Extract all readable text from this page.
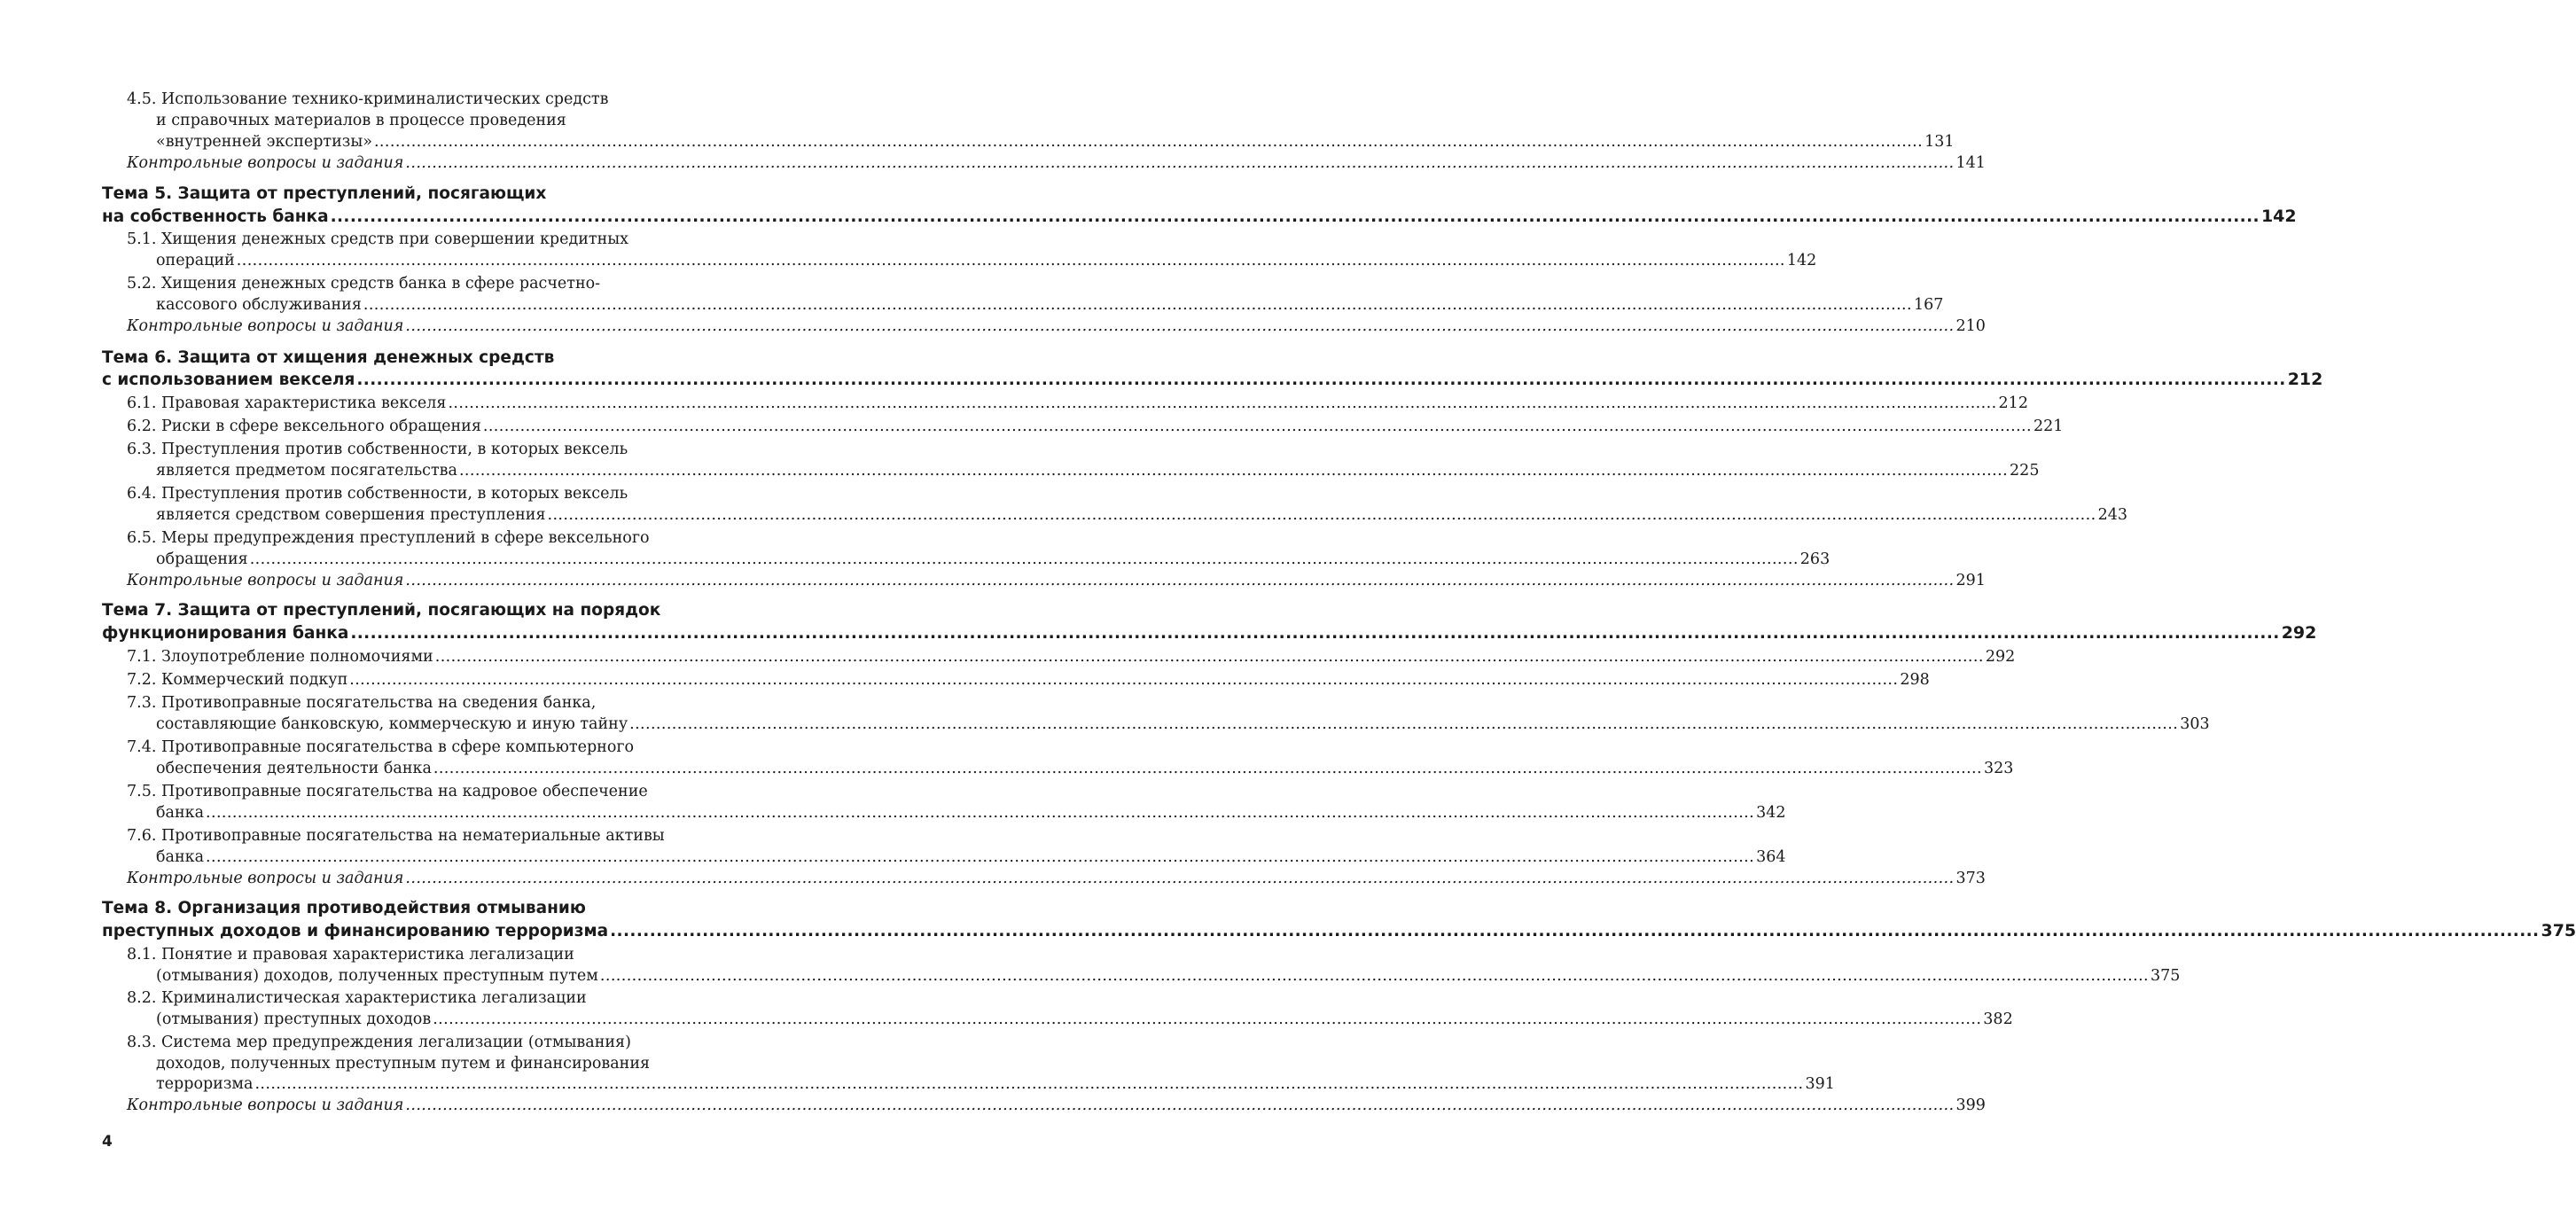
4.5. Использование технико-криминалистических средств
и справочных материалов в процессе проведения
«внутренней экспертизы» .....	131
Контрольные вопросы и задания .....	141
Тема 5. Защита от преступлений, посягающих
на собственность банка .....	142
5.1. Хищения денежных средств при совершении кредитных
операций .....	142
5.2. Хищения денежных средств банка в сфере расчетно-
кассового обслуживания .....	167
Контрольные вопросы и задания .....	210
Тема 6. Защита от хищения денежных средств
с использованием векселя .....	212
6.1. Правовая характеристика векселя .....	212
6.2. Риски в сфере вексельного обращения .....	221
6.3. Преступления против собственности, в которых вексель
является предметом посягательства .....	225
6.4. Преступления против собственности, в которых вексель
является средством совершения преступления .....	243
6.5. Меры предупреждения преступлений в сфере вексельного
обращения .....	263
Контрольные вопросы и задания .....	291
Тема 7. Защита от преступлений, посягающих на порядок
функционирования банка .....	292
7.1. Злоупотребление полномочиями .....	292
7.2. Коммерческий подкуп .....	298
7.3. Противоправные посягательства на сведения банка,
составляющие банковскую, коммерческую и иную тайну .....	303
7.4. Противоправные посягательства в сфере компьютерного
обеспечения деятельности банка .....	323
7.5. Противоправные посягательства на кадровое обеспечение
банка .....	342
7.6. Противоправные посягательства на нематериальные активы
банка .....	364
Контрольные вопросы и задания .....	373
Тема 8. Организация противодействия отмыванию
преступных доходов и финансированию терроризма .....	375
8.1. Понятие и правовая характеристика легализации
(отмывания) доходов, полученных преступным путем .....	375
8.2. Криминалистическая характеристика легализации
(отмывания) преступных доходов .....	382
8.3. Система мер предупреждения легализации (отмывания)
доходов, полученных преступным путем и финансирования
терроризма .....	391
Контрольные вопросы и задания .....	399
4
